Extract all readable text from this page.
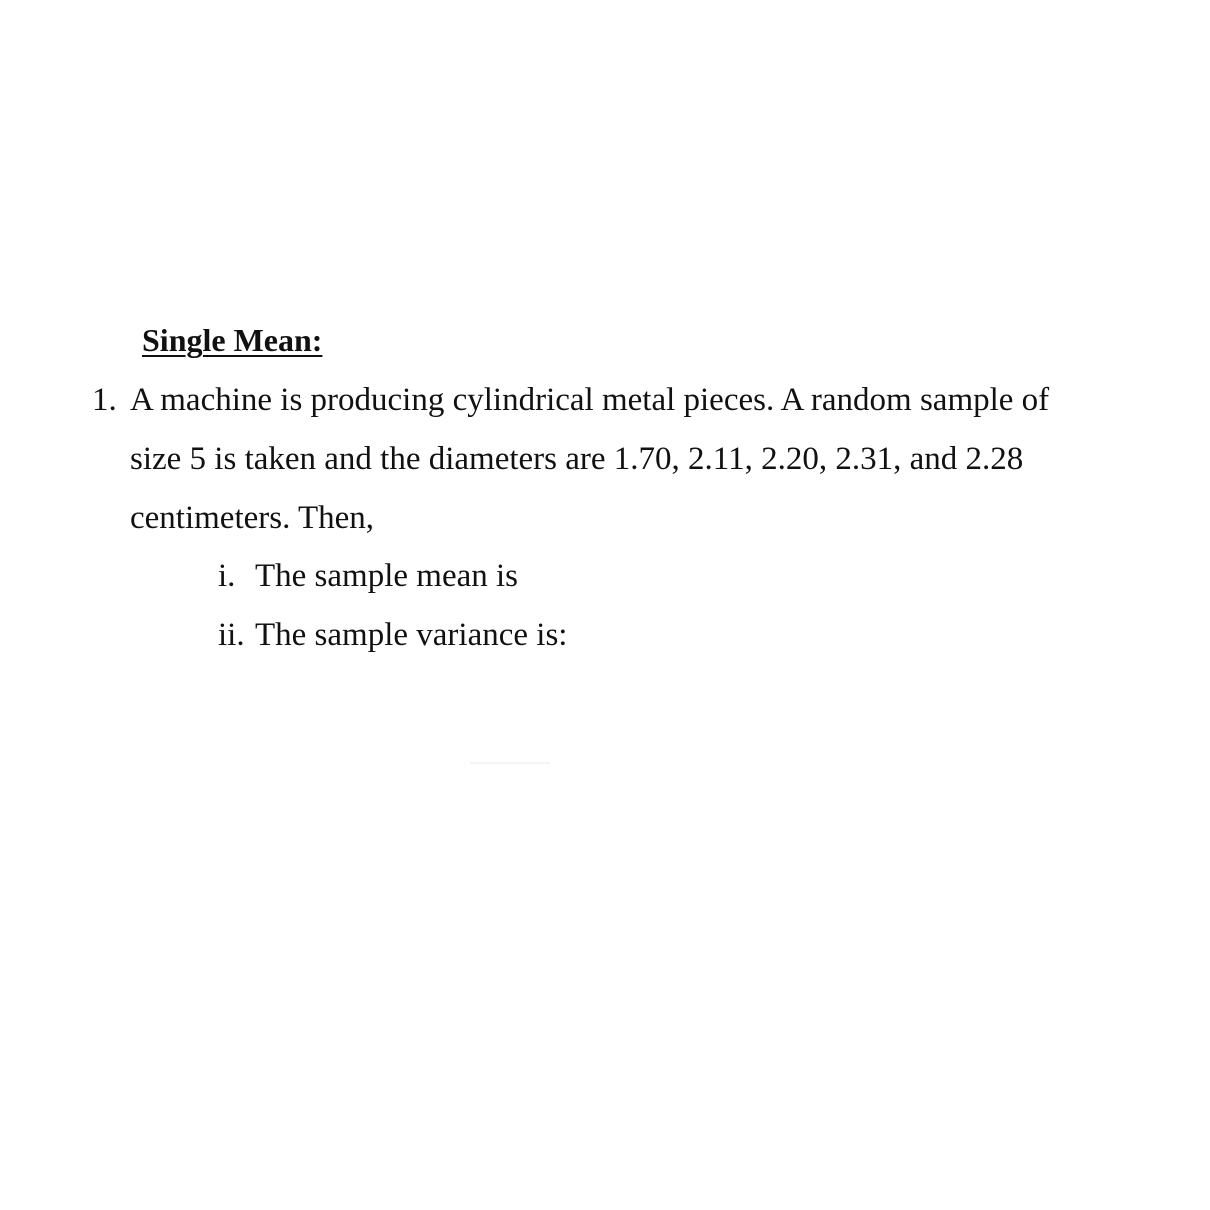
Single Mean:
1. A machine is producing cylindrical metal pieces. A random sample of
size 5 is taken and the diameters are 1.70, 2.11, 2.20, 2.31, and 2.28
centimeters. Then,
i. The sample mean is
ii. The sample variance is:
